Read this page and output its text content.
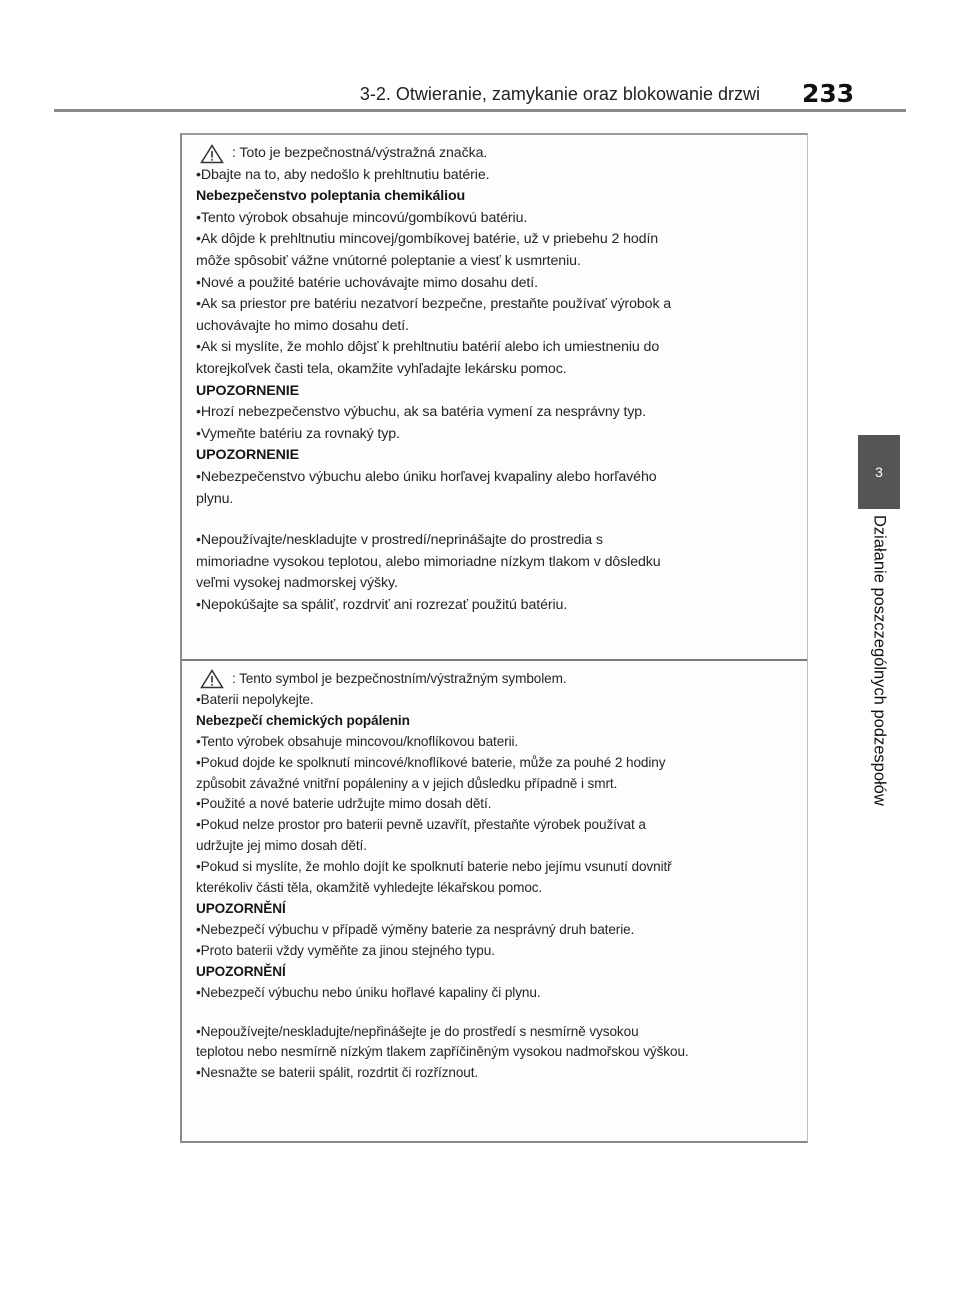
3-2. Otwieranie, zamykanie oraz blokowanie drzwi 233
3
Działanie poszczególnych podzespołów
: Toto je bezpečnostná/výstražná značka.
•Dbajte na to, aby nedošlo k prehltnutiu batérie.
Nebezpečenstvo poleptania chemikáliou
•Tento výrobok obsahuje mincovú/gombíkovú batériu.
•Ak dôjde k prehltnutiu mincovej/gombíkovej batérie, už v priebehu 2 hodín
môže spôsobiť vážne vnútorné poleptanie a viesť k usmrteniu.
•Nové a použité batérie uchovávajte mimo dosahu detí.
•Ak sa priestor pre batériu nezatvorí bezpečne, prestaňte používať výrobok a
uchovávajte ho mimo dosahu detí.
•Ak si myslíte, že mohlo dôjsť k prehltnutiu batérií alebo ich umiestneniu do
ktorejkoľvek časti tela, okamžite vyhľadajte lekársku pomoc.
UPOZORNENIE
•Hrozí nebezpečenstvo výbuchu, ak sa batéria vymení za nesprávny typ.
•Vymeňte batériu za rovnaký typ.
UPOZORNENIE
•Nebezpečenstvo výbuchu alebo úniku horľavej kvapaliny alebo horľavého
plynu.
•Nepoužívajte/neskladujte v prostredí/neprinášajte do prostredia s
mimoriadne vysokou teplotou, alebo mimoriadne nízkym tlakom v dôsledku
veľmi vysokej nadmorskej výšky.
•Nepokúšajte sa spáliť, rozdrviť ani rozrezať použitú batériu.
: Tento symbol je bezpečnostním/výstražným symbolem.
•Baterii nepolykejte.
Nebezpečí chemických popálenin
•Tento výrobek obsahuje mincovou/knoflíkovou baterii.
•Pokud dojde ke spolknutí mincové/knoflíkové baterie, může za pouhé 2 hodiny
způsobit závažné vnitřní popáleniny a v jejich důsledku případně i smrt.
•Použité a nové baterie udržujte mimo dosah dětí.
•Pokud nelze prostor pro baterii pevně uzavřít, přestaňte výrobek používat a
udržujte jej mimo dosah dětí.
•Pokud si myslíte, že mohlo dojít ke spolknutí baterie nebo jejímu vsunutí dovnitř
kterékoliv části těla, okamžitě vyhledejte lékařskou pomoc.
UPOZORNĚNÍ
•Nebezpečí výbuchu v případě výměny baterie za nesprávný druh baterie.
•Proto baterii vždy vyměňte za jinou stejného typu.
UPOZORNĚNÍ
•Nebezpečí výbuchu nebo úniku hořlavé kapaliny či plynu.
•Nepoužívejte/neskladujte/nepřinášejte je do prostředí s nesmírně vysokou
teplotou nebo nesmírně nízkým tlakem zapříčiněným vysokou nadmořskou výškou.
•Nesnažte se baterii spálit, rozdrtit či rozříznout.
